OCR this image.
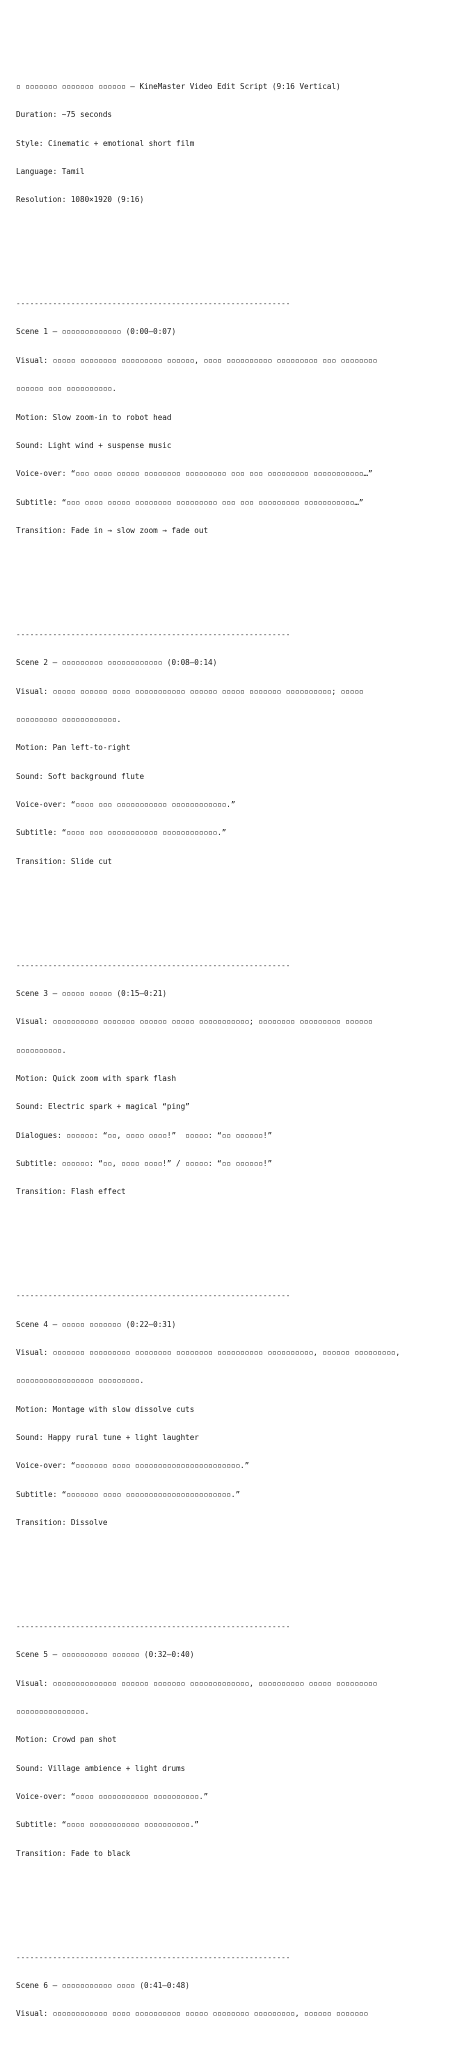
▫ ▫▫▫▫▫▫▫ ▫▫▫▫▫▫▫ ▫▫▫▫▫▫ – KineMaster Video Edit Script (9:16 Vertical)

Duration: ~75 seconds

Style: Cinematic + emotional short film

Language: Tamil

Resolution: 1080×1920 (9:16)

------------------------------------------------------------

Scene 1 – ▫▫▫▫▫▫▫▫▫▫▫▫▫ (0:00–0:07)

Visual: ▫▫▫▫▫ ▫▫▫▫▫▫▫▫ ▫▫▫▫▫▫▫▫▫ ▫▫▫▫▫▫, ▫▫▫▫ ▫▫▫▫▫▫▫▫▫▫ ▫▫▫▫▫▫▫▫▫ ▫▫▫ ▫▫▫▫▫▫▫▫

▫▫▫▫▫▫ ▫▫▫ ▫▫▫▫▫▫▫▫▫▫.

Motion: Slow zoom-in to robot head

Sound: Light wind + suspense music

Voice-over: “▫▫▫ ▫▫▫▫ ▫▫▫▫▫ ▫▫▫▫▫▫▫▫ ▫▫▫▫▫▫▫▫▫ ▫▫▫ ▫▫▫ ▫▫▫▫▫▫▫▫▫ ▫▫▫▫▫▫▫▫▫▫▫…”

Subtitle: “▫▫▫ ▫▫▫▫ ▫▫▫▫▫ ▫▫▫▫▫▫▫▫ ▫▫▫▫▫▫▫▫▫ ▫▫▫ ▫▫▫ ▫▫▫▫▫▫▫▫▫ ▫▫▫▫▫▫▫▫▫▫▫…”

Transition: Fade in → slow zoom → fade out

------------------------------------------------------------

Scene 2 – ▫▫▫▫▫▫▫▫▫ ▫▫▫▫▫▫▫▫▫▫▫▫ (0:08–0:14)

Visual: ▫▫▫▫▫ ▫▫▫▫▫▫ ▫▫▫▫ ▫▫▫▫▫▫▫▫▫▫▫ ▫▫▫▫▫▫ ▫▫▫▫▫ ▫▫▫▫▫▫▫ ▫▫▫▫▫▫▫▫▫▫; ▫▫▫▫▫

▫▫▫▫▫▫▫▫▫ ▫▫▫▫▫▫▫▫▫▫▫▫.

Motion: Pan left-to-right

Sound: Soft background flute

Voice-over: “▫▫▫▫ ▫▫▫ ▫▫▫▫▫▫▫▫▫▫▫ ▫▫▫▫▫▫▫▫▫▫▫▫.”

Subtitle: “▫▫▫▫ ▫▫▫ ▫▫▫▫▫▫▫▫▫▫▫ ▫▫▫▫▫▫▫▫▫▫▫▫.”

Transition: Slide cut

------------------------------------------------------------

Scene 3 – ▫▫▫▫▫ ▫▫▫▫▫ (0:15–0:21)

Visual: ▫▫▫▫▫▫▫▫▫▫ ▫▫▫▫▫▫▫ ▫▫▫▫▫▫ ▫▫▫▫▫ ▫▫▫▫▫▫▫▫▫▫▫; ▫▫▫▫▫▫▫▫ ▫▫▫▫▫▫▫▫▫ ▫▫▫▫▫▫

▫▫▫▫▫▫▫▫▫▫.

Motion: Quick zoom with spark flash

Sound: Electric spark + magical “ping”

Dialogues: ▫▫▫▫▫▫: “▫▫, ▫▫▫▫ ▫▫▫▫!”  ▫▫▫▫▫: “▫▫ ▫▫▫▫▫▫!”

Subtitle: ▫▫▫▫▫▫: “▫▫, ▫▫▫▫ ▫▫▫▫!” / ▫▫▫▫▫: “▫▫ ▫▫▫▫▫▫!”

Transition: Flash effect

------------------------------------------------------------

Scene 4 – ▫▫▫▫▫ ▫▫▫▫▫▫▫ (0:22–0:31)

Visual: ▫▫▫▫▫▫▫ ▫▫▫▫▫▫▫▫▫ ▫▫▫▫▫▫▫▫ ▫▫▫▫▫▫▫▫ ▫▫▫▫▫▫▫▫▫▫ ▫▫▫▫▫▫▫▫▫▫, ▫▫▫▫▫▫ ▫▫▫▫▫▫▫▫▫,

▫▫▫▫▫▫▫▫▫▫▫▫▫▫▫▫▫ ▫▫▫▫▫▫▫▫▫.

Motion: Montage with slow dissolve cuts

Sound: Happy rural tune + light laughter

Voice-over: “▫▫▫▫▫▫▫ ▫▫▫▫ ▫▫▫▫▫▫▫▫▫▫▫▫▫▫▫▫▫▫▫▫▫▫▫.”

Subtitle: “▫▫▫▫▫▫▫ ▫▫▫▫ ▫▫▫▫▫▫▫▫▫▫▫▫▫▫▫▫▫▫▫▫▫▫▫.”

Transition: Dissolve

------------------------------------------------------------

Scene 5 – ▫▫▫▫▫▫▫▫▫▫ ▫▫▫▫▫▫ (0:32–0:40)

Visual: ▫▫▫▫▫▫▫▫▫▫▫▫▫▫ ▫▫▫▫▫▫ ▫▫▫▫▫▫▫ ▫▫▫▫▫▫▫▫▫▫▫▫▫, ▫▫▫▫▫▫▫▫▫▫ ▫▫▫▫▫ ▫▫▫▫▫▫▫▫▫

▫▫▫▫▫▫▫▫▫▫▫▫▫▫▫.

Motion: Crowd pan shot

Sound: Village ambience + light drums

Voice-over: “▫▫▫▫ ▫▫▫▫▫▫▫▫▫▫▫ ▫▫▫▫▫▫▫▫▫▫.”

Subtitle: “▫▫▫▫ ▫▫▫▫▫▫▫▫▫▫▫ ▫▫▫▫▫▫▫▫▫▫.”

Transition: Fade to black

------------------------------------------------------------

Scene 6 – ▫▫▫▫▫▫▫▫▫▫▫ ▫▫▫▫ (0:41–0:48)

Visual: ▫▫▫▫▫▫▫▫▫▫▫▫ ▫▫▫▫ ▫▫▫▫▫▫▫▫▫▫ ▫▫▫▫▫ ▫▫▫▫▫▫▫▫ ▫▫▫▫▫▫▫▫▫, ▫▫▫▫▫▫ ▫▫▫▫▫▫▫
